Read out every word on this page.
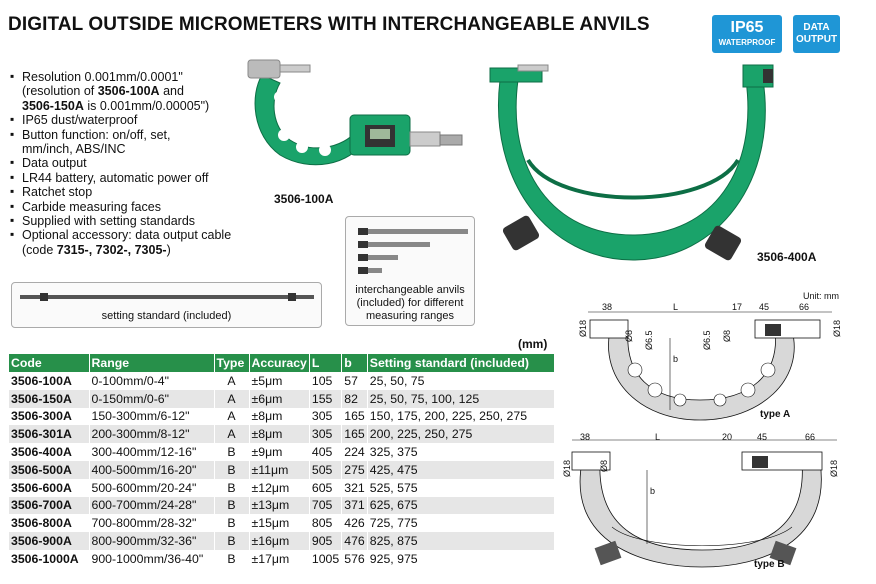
DIGITAL OUTSIDE MICROMETERS WITH INTERCHANGEABLE ANVILS	IP65
WATERPROOF
DATA
OUTPUT
▪ Resolution 0.001mm/0.0001"
(resolution of 3506-100A and
3506-150A is 0.001mm/0.00005")
▪ IP65 dust/waterproof
▪ Button function: on/off, set,
mm/inch, ABS/INC
▪ Data output
▪ LR44 battery, automatic power off
▪ Ratchet stop
▪ Carbide measuring faces
▪ Supplied with setting standards
▪ Optional accessory: data output cable
(code 7315-, 7302-, 7305-)
3506-100A
3506-400A
setting standard (included)
interchangeable anvils
(included) for different
measuring ranges
(mm)
Code	Range	Type	Accuracy	L	b	Setting standard (included)
3506-100A	0-100mm/0-4"	A	±5μm	105	57	25, 50, 75
3506-150A	0-150mm/0-6"	A	±6μm	155	82	25, 50, 75, 100, 125
3506-300A	150-300mm/6-12"	A	±8μm	305	165	150, 175, 200, 225, 250, 275
3506-301A	200-300mm/8-12"	A	±8μm	305	165	200, 225, 250, 275
3506-400A	300-400mm/12-16"	B	±9μm	405	224	325, 375
3506-500A	400-500mm/16-20"	B	±11μm	505	275	425, 475
3506-600A	500-600mm/20-24"	B	±12μm	605	321	525, 575
3506-700A	600-700mm/24-28"	B	±13μm	705	371	625, 675
3506-800A	700-800mm/28-32"	B	±15μm	805	426	725, 775
3506-900A	800-900mm/32-36"	B	±16μm	905	476	825, 875
3506-1000A	900-1000mm/36-40"	B	±17μm	1005	576	925, 975
Unit: mm
38	L	17 45	66
Ø18	Ø18
Ø8 Ø6.5	Ø6.5 Ø8
b
type A
38	L	20	45	66
Ø18	Ø18
Ø8
b
type B
